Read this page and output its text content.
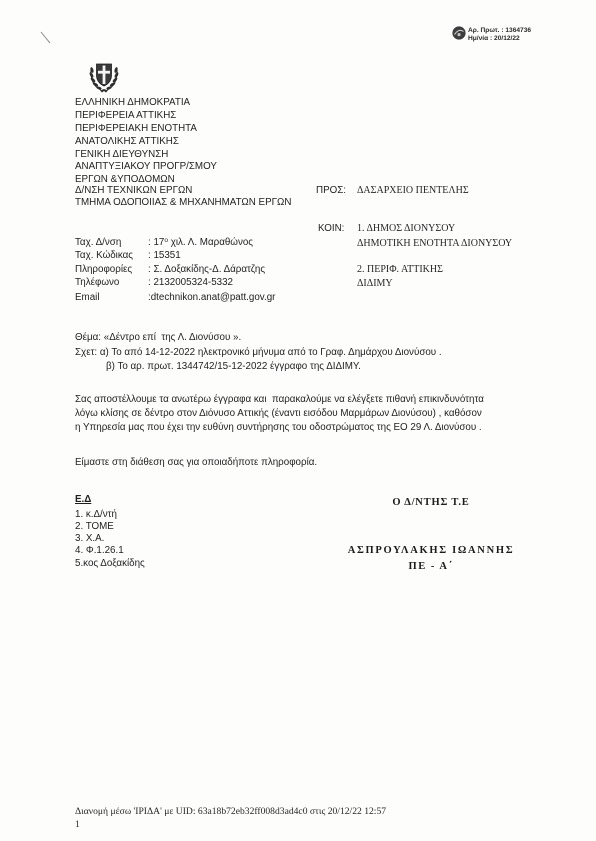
Αρ. Πρωτ. : 1364736
Ημ/νία : 20/12/22
ΕΛΛΗΝΙΚΗ ΔΗΜΟΚΡΑΤΙΑ
ΠΕΡΙΦΕΡΕΙΑ ΑΤΤΙΚΗΣ
ΠΕΡΙΦΕΡΕΙΑΚΗ ΕΝΟΤΗΤΑ
ΑΝΑΤΟΛΙΚΗΣ ΑΤΤΙΚΗΣ
ΓΕΝΙΚΗ ΔΙΕΥΘΥΝΣΗ
ΑΝΑΠΤΥΞΙΑΚΟΥ ΠΡΟΓΡ/ΣΜΟΥ
ΕΡΓΩΝ &ΥΠΟΔΟΜΩΝ
Δ/ΝΣΗ ΤΕΧΝΙΚΩΝ ΕΡΓΩΝ
ΤΜΗΜΑ ΟΔΟΠΟΙΙΑΣ & ΜΗΧΑΝΗΜΑΤΩΝ ΕΡΓΩΝ
ΠΡΟΣ: ΔΑΣΑΡΧΕΙΟ ΠΕΝΤΕΛΗΣ
ΚΟΙΝ: 1. ΔΗΜΟΣ ΔΙΟΝΥΣΟΥ
ΔΗΜΟΤΙΚΗ ΕΝΟΤΗΤΑ ΔΙΟΝΥΣΟΥ
2. ΠΕΡΙΦ. ΑΤΤΙΚΗΣ
ΔΙΔΙΜΥ
Ταχ. Δ/νση	: $17^o$ χιλ. Λ. Μαραθώνος
Ταχ. Κώδικας : 15351
Πληροφορίες : Σ. Δοξακίδης-Δ. Δάρατζης
Τηλέφωνο	: 2132005324-5332
Email	:dtechnikon.anat@patt.gov.gr
Θέμα: «Δέντρο επί  της Λ. Διονύσου ».
Σχετ: α) Το από 14-12-2022 ηλεκτρονικό μήνυμα από το Γραφ. Δημάρχου Διονύσου .
β) Το αρ. πρωτ. 1344742/15-12-2022 έγγραφο της ΔΙΔΙΜΥ.
Σας αποστέλλουμε τα ανωτέρω έγγραφα και  παρακαλούμε να ελέγξετε πιθανή επικινδυνότητα
λόγω κλίσης σε δέντρο στον Διόνυσο Αττικής (έναντι εισόδου Μαρμάρων Διονύσου) , καθόσον
η Υπηρεσία μας που έχει την ευθύνη συντήρησης του οδοστρώματος της ΕΟ 29 Λ. Διονύσου .
Είμαστε στη διάθεση σας για οποιαδήποτε πληροφορία.
Ε.Δ
1. κ.Δ/ντή
2. ΤΟΜΕ
3. Χ.Α.
4. Φ.1.26.1
5.κος Δοξακίδης
Ο Δ/ΝΤΗΣ Τ.Ε
ΑΣΠΡΟΥΛΑΚΗΣ ΙΩΑΝΝΗΣ
ΠΕ - Α΄
Διανομή μέσω 'ΙΡΙΔΑ' με UID: 63a18b72eb32ff008d3ad4c0 στις 20/12/22 12:57
1
